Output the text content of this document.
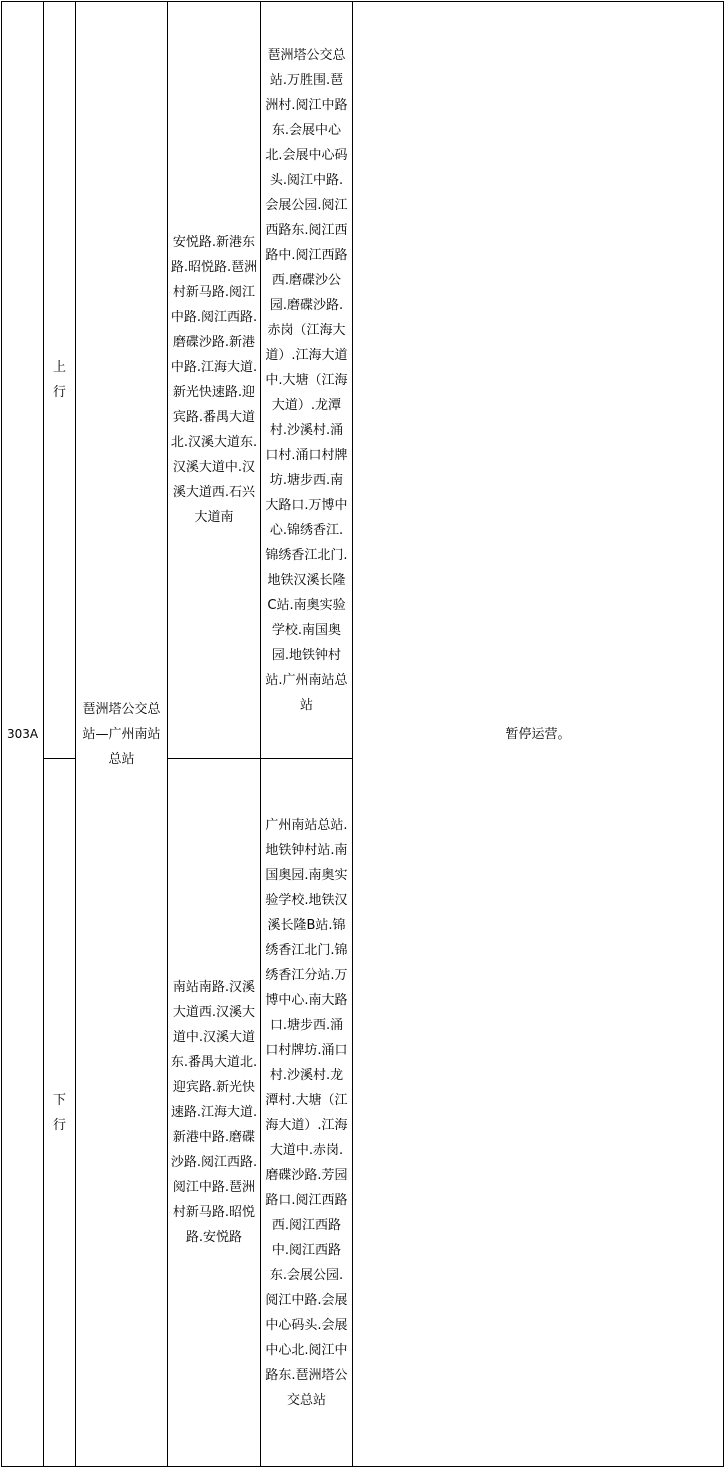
303A	上行	琶洲塔公交总站—广州南站总站	安悦路.新港东路.昭悦路.琶洲村新马路.阅江中路.阅江西路.磨碟沙路.新港中路.江海大道.新光快速路.迎宾路.番禺大道北.汉溪大道东.汉溪大道中.汉溪大道西.石兴大道南	琶洲塔公交总站.万胜围.琶洲村.阅江中路东.会展中心北.会展中心码头.阅江中路.会展公园.阅江西路东.阅江西路中.阅江西路西.磨碟沙公园.磨碟沙路.赤岗（江海大道）.江海大道中.大塘（江海大道）.龙潭村.沙溪村.涌口村.涌口村牌坊.塘步西.南大路口.万博中心.锦绣香江.锦绣香江北门.地铁汉溪长隆C站.南奥实验学校.南国奥园.地铁钟村站.广州南站总站	暂停运营。

	下行		南站南路.汉溪大道西.汉溪大道中.汉溪大道东.番禺大道北.迎宾路.新光快速路.江海大道.新港中路.磨碟沙路.阅江西路.阅江中路.琶洲村新马路.昭悦路.安悦路	广州南站总站.地铁钟村站.南国奥园.南奥实验学校.地铁汉溪长隆B站.锦绣香江北门.锦绣香江分站.万博中心.南大路口.塘步西.涌口村牌坊.涌口村.沙溪村.龙潭村.大塘（江海大道）.江海大道中.赤岗.磨碟沙路.芳园路口.阅江西路西.阅江西路中.阅江西路东.会展公园.阅江中路.会展中心码头.会展中心北.阅江中路东.琶洲塔公交总站	
